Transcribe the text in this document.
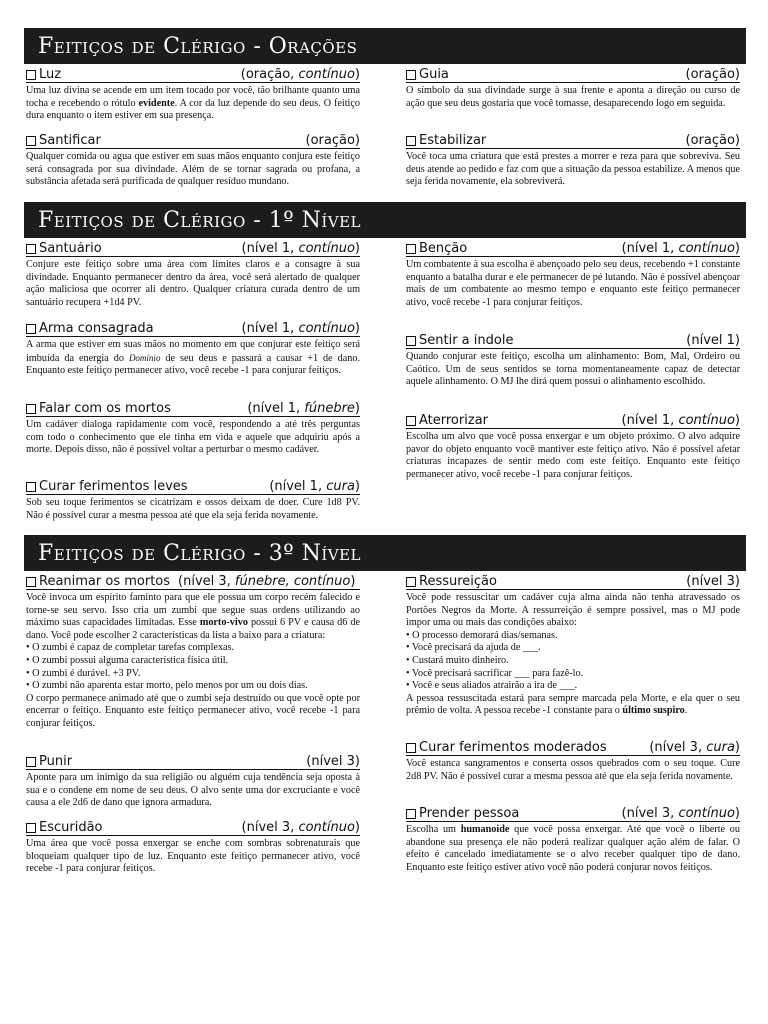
Feitiços de Clérigo - Orações
Luz	(oração, contínuo)
Uma luz divina se acende em um item tocado por você, tão brilhante quanto uma tocha e recebendo o rótulo evidente. A cor da luz depende do seu deus. O feitiço dura enquanto o item estiver em sua presença.
Santificar	(oração)
Qualquer comida ou agua que estiver em suas mãos enquanto conjura este feitiço será consagrada por sua divindade. Além de se tornar sagrada ou profana, a substância afetada será purificada de qualquer resíduo mundano.
Guia	(oração)
O símbolo da sua divindade surge à sua frente e aponta a direção ou curso de ação que seu deus gostaria que você tomasse, desaparecendo logo em seguida.
Estabilizar	(oração)
Você toca uma criatura que está prestes a morrer e reza para que sobreviva. Seu deus atende ao pedido e faz com que a situação da pessoa estabilize. A menos que seja ferida novamente, ela sobreviverá.
Feitiços de Clérigo - 1º Nível
Santuário	(nível 1, contínuo)
Conjure este feitiço sobre uma área com limites claros e a consagre à sua divindade. Enquanto permanecer dentro da área, você será alertado de qualquer ação maliciosa que ocorrer ali dentro. Qualquer criatura curada dentro de um santuário recupera +1d4 PV.
Arma consagrada	(nível 1, contínuo)
A arma que estiver em suas mãos no momento em que conjurar este feitiço será imbuída da energia do Domínio de seu deus e passará a causar +1 de dano. Enquanto este feitiço permanecer ativo, você recebe -1 para conjurar feitiços.
Falar com os mortos	(nível 1, fúnebre)
Um cadáver dialoga rapidamente com você, respondendo a até três perguntas com todo o conhecimento que ele tinha em vida e aquele que adquiriu após a morte. Depois disso, não é possível voltar a perturbar o mesmo cadáver.
Curar ferimentos leves	(nível 1, cura)
Sob seu toque ferimentos se cicatrizam e ossos deixam de doer. Cure 1d8 PV. Não é possível curar a mesma pessoa até que ela seja ferida novamente.
Benção	(nível 1, contínuo)
Um combatente à sua escolha é abençoado pelo seu deus, recebendo +1 constante enquanto a batalha durar e ele permanecer de pé lutando. Não é possível abençoar mais de um combatente ao mesmo tempo e enquanto este feitiço permanecer ativo, você recebe -1 para conjurar feitiços.
Sentir a índole	(nível 1)
Quando conjurar este feitiço, escolha um alinhamento: Bom, Mal, Ordeiro ou Caótico. Um de seus sentidos se torna momentaneamente capaz de detectar aquele alinhamento. O MJ lhe dirá quem possui o alinhamento escolhido.
Aterrorizar	(nível 1, contínuo)
Escolha um alvo que você possa enxergar e um objeto próximo. O alvo adquire pavor do objeto enquanto você mantiver este feitiço ativo. Não é possível afetar criaturas incapazes de sentir medo com este feitiço. Enquanto este feitiço permanecer ativo, você recebe -1 para conjurar feitiços.
Feitiços de Clérigo - 3º Nível
Reanimar os mortos (nível 3, fúnebre, contínuo)
Você invoca um espírito faminto para que ele possua um corpo recém falecido e torne-se seu servo. Isso cria um zumbi que segue suas ordens utilizando ao máximo suas capacidades limitadas. Esse morto-vivo possui 6 PV e causa d6 de dano. Você pode escolher 2 características da lista a baixo para a criatura:
• O zumbi é capaz de completar tarefas complexas.
• O zumbi possui alguma característica física útil.
• O zumbi é durável. +3 PV.
• O zumbi não aparenta estar morto, pelo menos por um ou dois dias.
O corpo permanece animado até que o zumbi seja destruído ou que você opte por encerrar o feitiço. Enquanto este feitiço permanecer ativo, você recebe -1 para conjurar feitiços.
Punir	(nível 3)
Aponte para um inimigo da sua religião ou alguém cuja tendência seja oposta à sua e o condene em nome de seu deus. O alvo sente uma dor excruciante e você causa a ele 2d6 de dano que ignora armadura.
Escuridão	(nível 3, contínuo)
Uma área que você possa enxergar se enche com sombras sobrenaturais que bloqueiam qualquer tipo de luz. Enquanto este feitiço permanecer ativo, você recebe -1 para conjurar feitiços.
Ressureição	(nível 3)
Você pode ressuscitar um cadáver cuja alma ainda não tenha atravessado os Portões Negros da Morte. A ressurreição é sempre possível, mas o MJ pode impor uma ou mais das condições abaixo:
• O processo demorará dias/semanas.
• Você precisará da ajuda de ___.
• Custará muito dinheiro.
• Você precisará sacrificar ___ para fazê-lo.
• Você e seus aliados atrairão a ira de ___.
A pessoa ressuscitada estará para sempre marcada pela Morte, e ela quer o seu prêmio de volta. A pessoa recebe -1 constante para o último suspiro.
Curar ferimentos moderados	(nível 3, cura)
Você estanca sangramentos e conserta ossos quebrados com o seu toque. Cure 2d8 PV. Não é possível curar a mesma pessoa até que ela seja ferida novamente.
Prender pessoa	(nível 3, contínuo)
Escolha um humanoide que você possa enxergar. Até que você o liberte ou abandone sua presença ele não poderá realizar qualquer ação além de falar. O efeito é cancelado imediatamente se o alvo receber qualquer tipo de dano. Enquanto este feitiço estiver ativo você não poderá conjurar novos feitiços.
